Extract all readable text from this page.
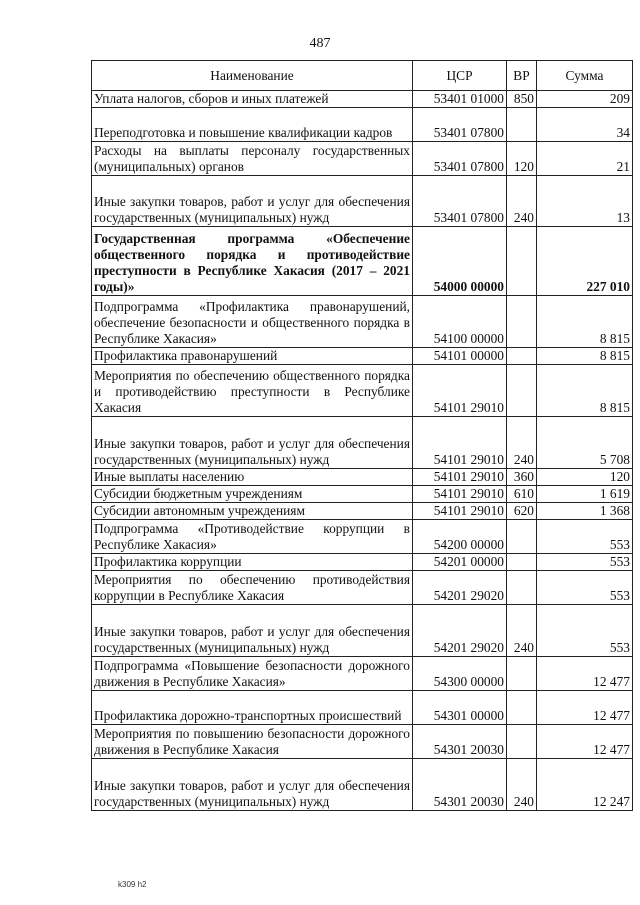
487
Наименование	ЦСР	ВР	Сумма
Уплата налогов, сборов и иных платежей	53401 01000	850	209
Переподготовка и повышение квалификации кадров	53401 07800		34
Расходы на выплаты персоналу государственных (муниципальных) органов	53401 07800	120	21
Иные закупки товаров, работ и услуг для обеспечения государственных (муниципальных) нужд	53401 07800	240	13
Государственная программа «Обеспечение общественного порядка и противодействие преступности в Республике Хакасия (2017 – 2021 годы)»	54000 00000		227 010
Подпрограмма «Профилактика правонарушений, обеспечение безопасности и общественного порядка в Республике Хакасия»	54100 00000		8 815
Профилактика правонарушений	54101 00000		8 815
Мероприятия по обеспечению общественного порядка и противодействию преступности в Республике Хакасия	54101 29010		8 815
Иные закупки товаров, работ и услуг для обеспечения государственных (муниципальных) нужд	54101 29010	240	5 708
Иные выплаты населению	54101 29010	360	120
Субсидии бюджетным учреждениям	54101 29010	610	1 619
Субсидии автономным учреждениям	54101 29010	620	1 368
Подпрограмма «Противодействие коррупции в Республике Хакасия»	54200 00000		553
Профилактика коррупции	54201 00000		553
Мероприятия по обеспечению противодействия коррупции в Республике Хакасия	54201 29020		553
Иные закупки товаров, работ и услуг для обеспечения государственных (муниципальных) нужд	54201 29020	240	553
Подпрограмма «Повышение безопасности дорожного движения в Республике Хакасия»	54300 00000		12 477
Профилактика дорожно-транспортных происшествий	54301 00000		12 477
Мероприятия по повышению безопасности дорожного движения в Республике Хакасия	54301 20030		12 477
Иные закупки товаров, работ и услуг для обеспечения государственных (муниципальных) нужд	54301 20030	240	12 247
k309 h2
